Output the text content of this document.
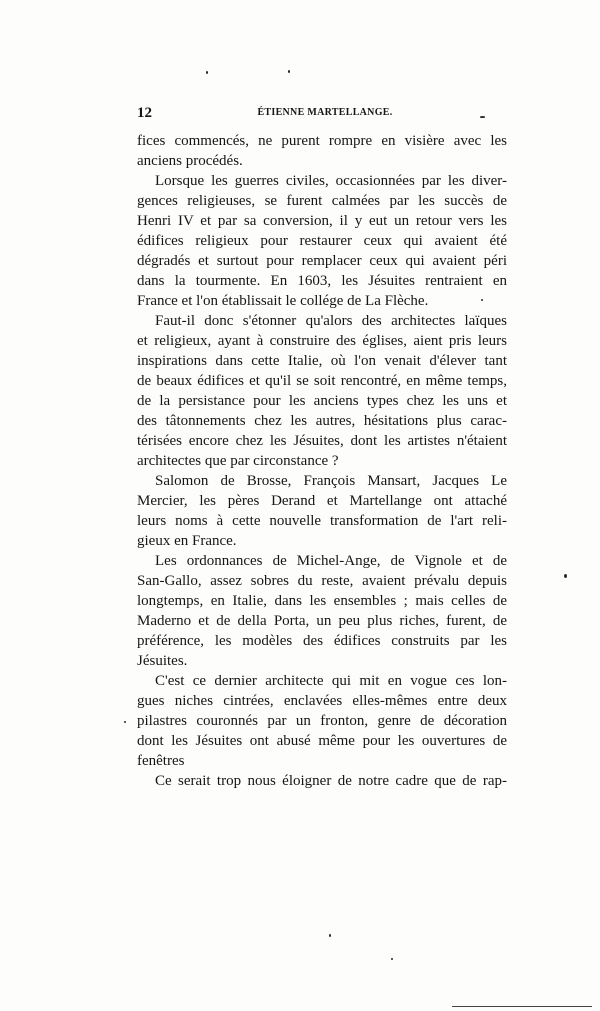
12	ÉTIENNE MARTELLANGE.
fices commencés, ne purent rompre en visière avec les
anciens procédés.
Lorsque les guerres civiles, occasionnées par les diver-
gences religieuses, se furent calmées par les succès de
Henri IV et par sa conversion, il y eut un retour vers les
édifices religieux pour restaurer ceux qui avaient été
dégradés et surtout pour remplacer ceux qui avaient péri
dans la tourmente. En 1603, les Jésuites rentraient en
France et l'on établissait le collége de La Flèche.
Faut-il donc s'étonner qu'alors des architectes laïques
et religieux, ayant à construire des églises, aient pris leurs
inspirations dans cette Italie, où l'on venait d'élever tant
de beaux édifices et qu'il se soit rencontré, en même temps,
de la persistance pour les anciens types chez les uns et
des tâtonnements chez les autres, hésitations plus carac-
térisées encore chez les Jésuites, dont les artistes n'étaient
architectes que par circonstance ?
Salomon de Brosse, François Mansart, Jacques Le
Mercier, les pères Derand et Martellange ont attaché
leurs noms à cette nouvelle transformation de l'art reli-
gieux en France.
Les ordonnances de Michel-Ange, de Vignole et de
San-Gallo, assez sobres du reste, avaient prévalu depuis
longtemps, en Italie, dans les ensembles ; mais celles de
Maderno et de della Porta, un peu plus riches, furent, de
préférence, les modèles des édifices construits par les
Jésuites.
C'est ce dernier architecte qui mit en vogue ces lon-
gues niches cintrées, enclavées elles-mêmes entre deux
pilastres couronnés par un fronton, genre de décoration
dont les Jésuites ont abusé même pour les ouvertures de
fenêtres
Ce serait trop nous éloigner de notre cadre que de rap-
